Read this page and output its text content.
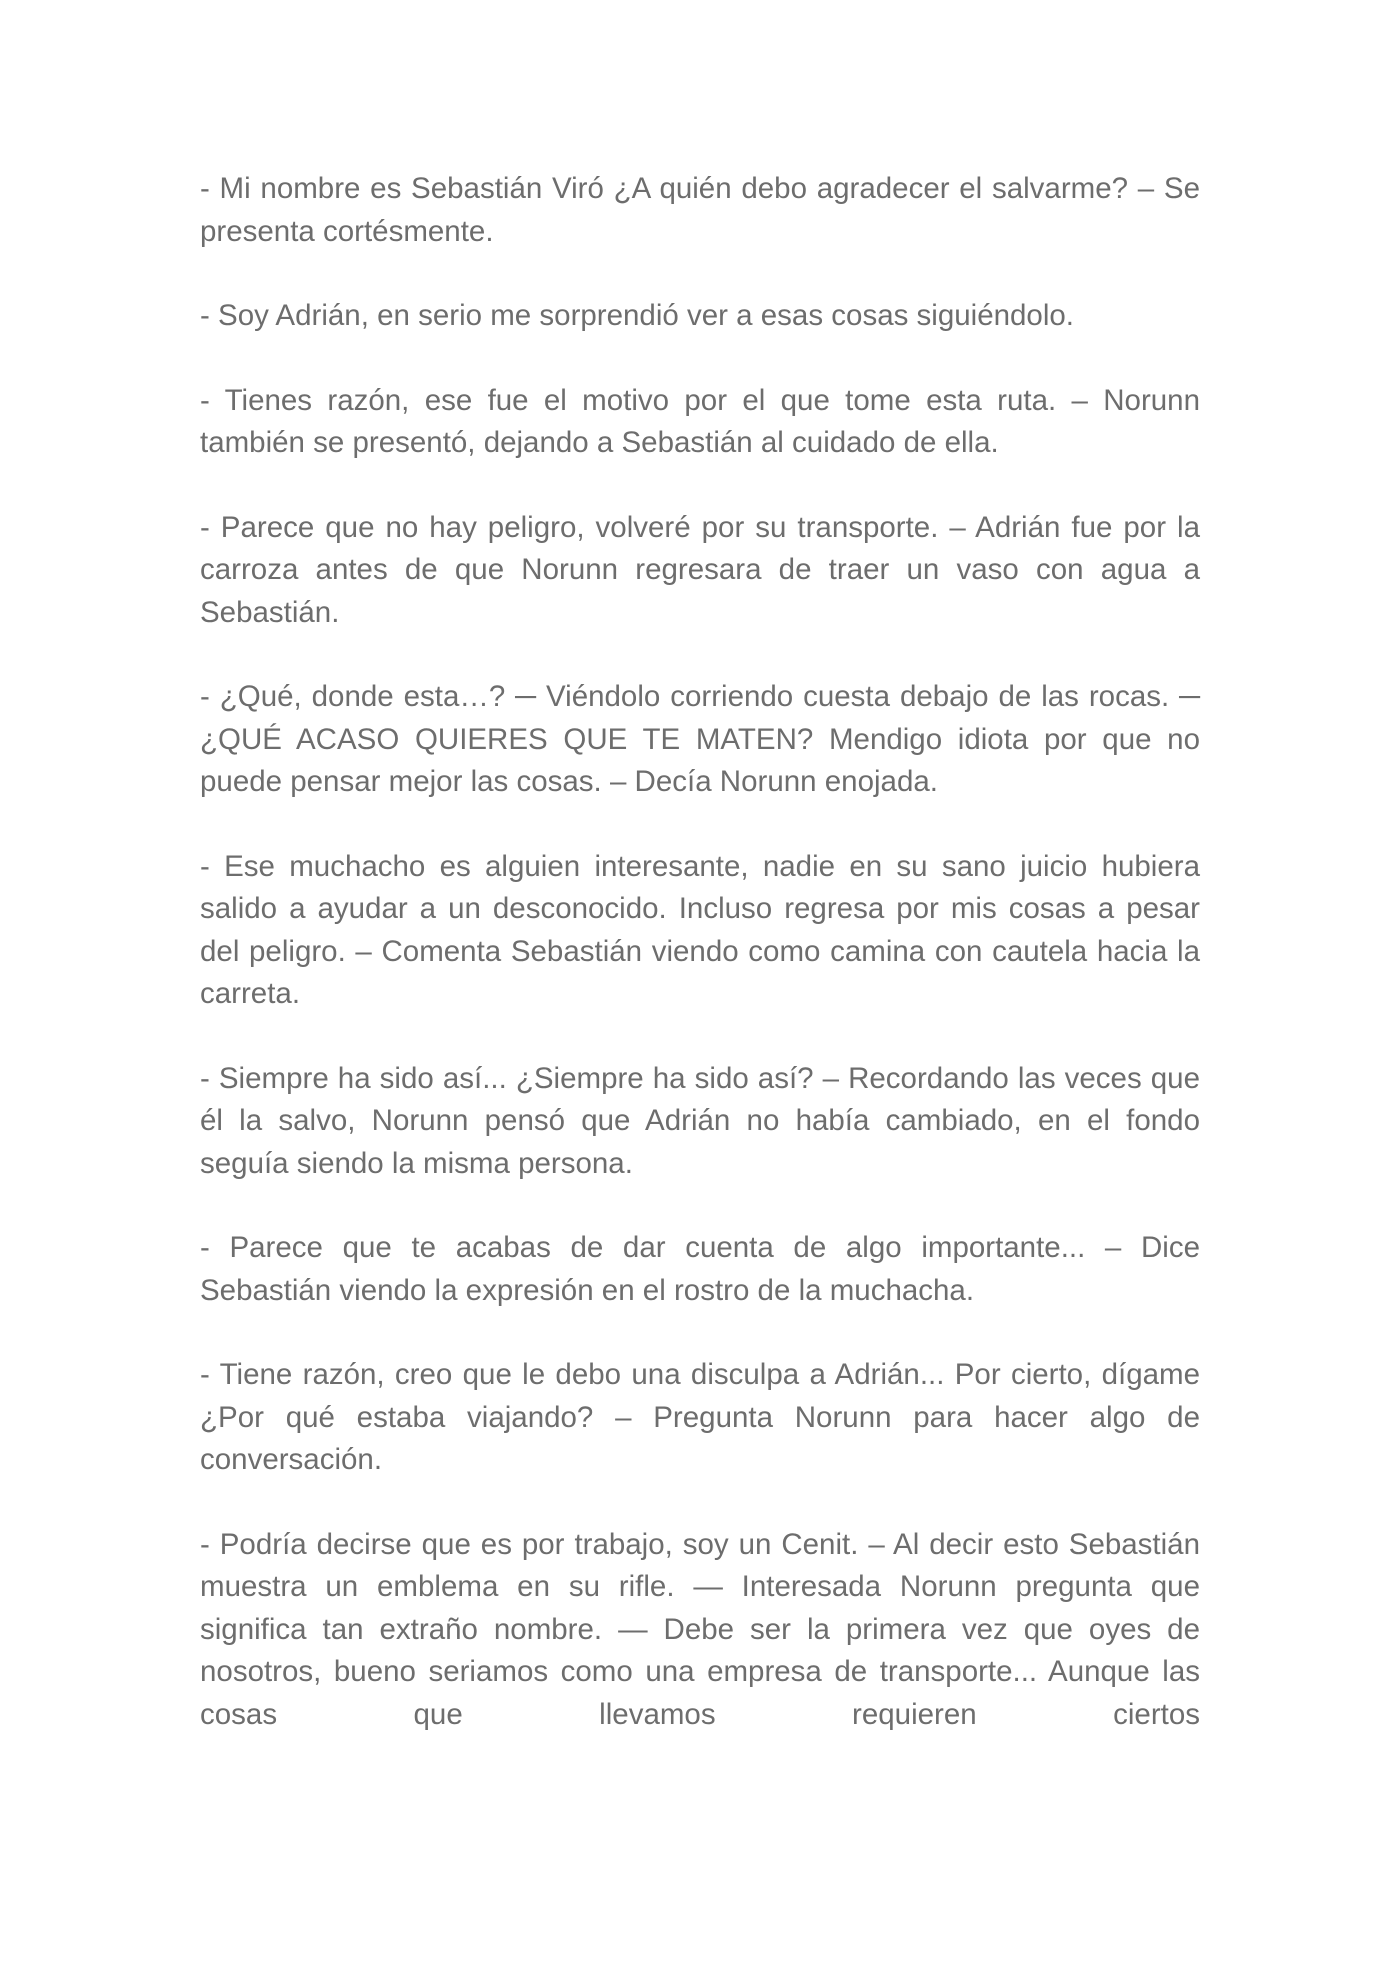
- Mi nombre es Sebastián Viró ¿A quién debo agradecer el salvarme? – Se presenta cortésmente.

- Soy Adrián, en serio me sorprendió ver a esas cosas siguiéndolo.

- Tienes razón, ese fue el motivo por el que tome esta ruta. – Norunn también se presentó, dejando a Sebastián al cuidado de ella.

- Parece que no hay peligro, volveré por su transporte. – Adrián fue por la carroza antes de que Norunn regresara de traer un vaso con agua a Sebastián.

- ¿Qué, donde esta…? ─ Viéndolo corriendo cuesta debajo de las rocas. ─ ¿QUÉ ACASO QUIERES QUE TE MATEN? Mendigo idiota por que no puede pensar mejor las cosas. – Decía Norunn enojada.

- Ese muchacho es alguien interesante, nadie en su sano juicio hubiera salido a ayudar a un desconocido. Incluso regresa por mis cosas a pesar del peligro. – Comenta Sebastián viendo como camina con cautela hacia la carreta.

- Siempre ha sido así... ¿Siempre ha sido así? – Recordando las veces que él la salvo, Norunn pensó que Adrián no había cambiado, en el fondo seguía siendo la misma persona.

- Parece que te acabas de dar cuenta de algo importante... – Dice Sebastián viendo la expresión en el rostro de la muchacha.

- Tiene razón, creo que le debo una disculpa a Adrián... Por cierto, dígame ¿Por qué estaba viajando? – Pregunta Norunn para hacer algo de conversación.

- Podría decirse que es por trabajo, soy un Cenit. – Al decir esto Sebastián muestra un emblema en su rifle. — Interesada Norunn pregunta que significa tan extraño nombre. — Debe ser la primera vez que oyes de nosotros, bueno seriamos como una empresa de transporte... Aunque las cosas que llevamos requieren ciertos
